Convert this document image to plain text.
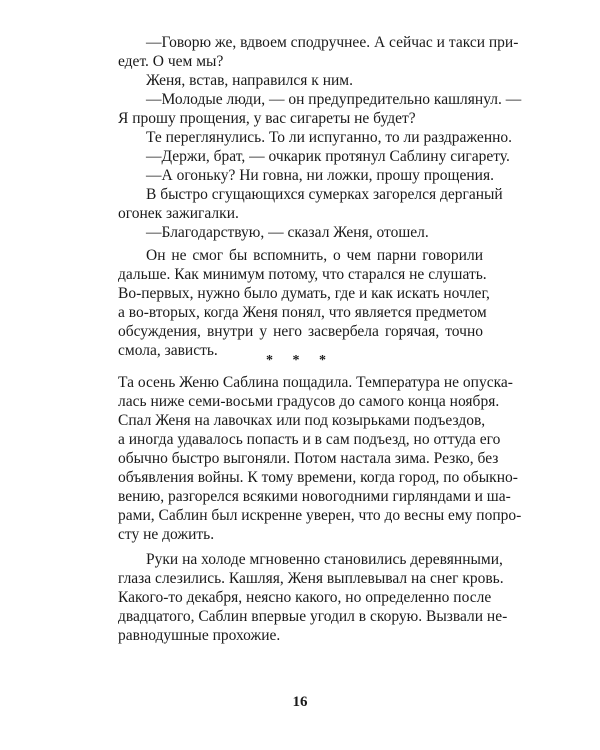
—Говорю же, вдвоем сподручнее. А сейчас и такси при-
едет. О чем мы?
Женя, встав, направился к ним.
—Молодые люди, — он предупредительно кашлянул. —
Я прошу прощения, у вас сигареты не будет?
Те переглянулись. То ли испуганно, то ли раздраженно.
—Держи, брат, — очкарик протянул Саблину сигарету.
—А огоньку? Ни говна, ни ложки, прошу прощения.
В быстро сгущающихся сумерках загорелся дерганый
огонек зажигалки.
—Благодарствую, — сказал Женя, отошел.
Он не смог бы вспомнить, о чем парни говорили
дальше. Как минимум потому, что старался не слушать.
Во-первых, нужно было думать, где и как искать ночлег,
а во-вторых, когда Женя понял, что является предметом
обсуждения, внутри у него засвербела горячая, точно
смола, зависть.
* * *
Та осень Женю Саблина пощадила. Температура не опуска-
лась ниже семи-восьми градусов до самого конца ноября.
Спал Женя на лавочках или под козырьками подъездов,
а иногда удавалось попасть и в сам подъезд, но оттуда его
обычно быстро выгоняли. Потом настала зима. Резко, без
объявления войны. К тому времени, когда город, по обыкно-
вению, разгорелся всякими новогодними гирляндами и ша-
рами, Саблин был искренне уверен, что до весны ему попро-
сту не дожить.
Руки на холоде мгновенно становились деревянными,
глаза слезились. Кашляя, Женя выплевывал на снег кровь.
Какого-то декабря, неясно какого, но определенно после
двадцатого, Саблин впервые угодил в скорую. Вызвали не-
равнодушные прохожие.
16
